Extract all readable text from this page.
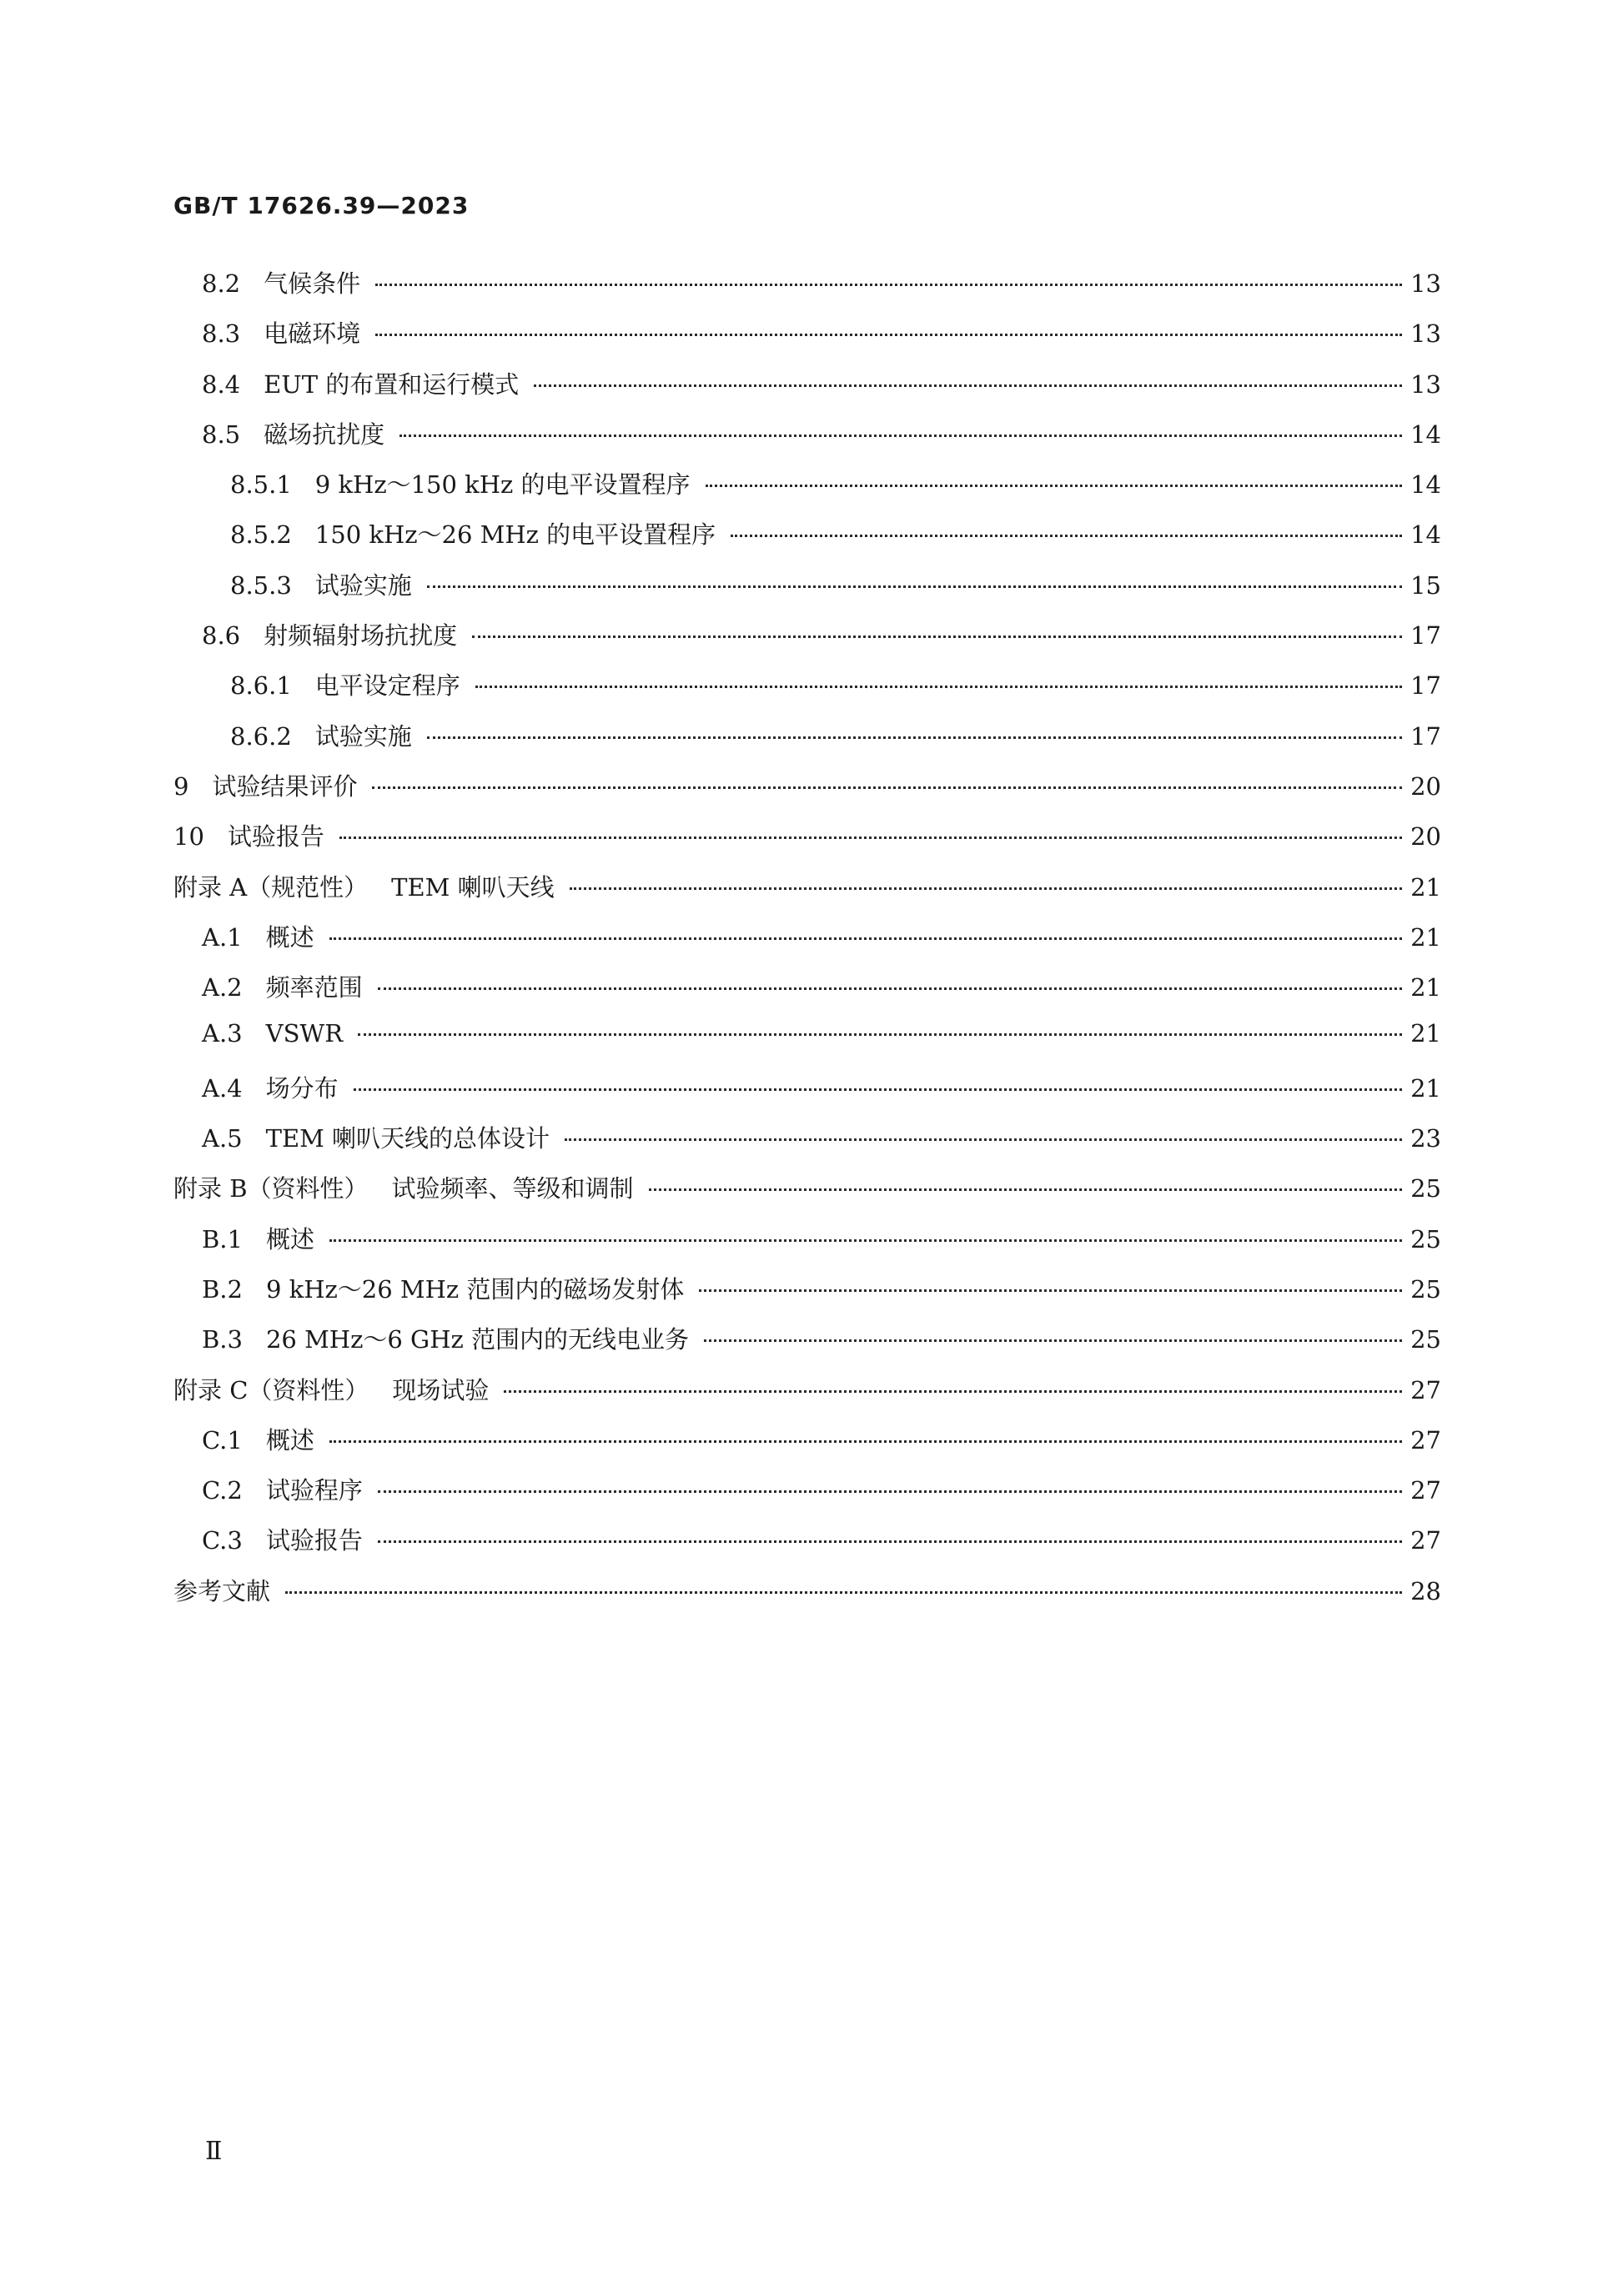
GB/T 17626.39—2023
8.2 气候条件	13
8.3 电磁环境	13
8.4 EUT 的布置和运行模式	13
8.5 磁场抗扰度	14
8.5.1 9 kHz～150 kHz 的电平设置程序	14
8.5.2 150 kHz～26 MHz 的电平设置程序	14
8.5.3 试验实施	15
8.6 射频辐射场抗扰度	17
8.6.1 电平设定程序	17
8.6.2 试验实施	17
9 试验结果评价	20
10 试验报告	20
附录 A（规范性） TEM 喇叭天线	21
A.1 概述	21
A.2 频率范围	21
A.3 VSWR	21
A.4 场分布	21
A.5 TEM 喇叭天线的总体设计	23
附录 B（资料性） 试验频率、等级和调制	25
B.1 概述	25
B.2 9 kHz～26 MHz 范围内的磁场发射体	25
B.3 26 MHz～6 GHz 范围内的无线电业务	25
附录 C（资料性） 现场试验	27
C.1 概述	27
C.2 试验程序	27
C.3 试验报告	27
参考文献	28
Ⅱ
